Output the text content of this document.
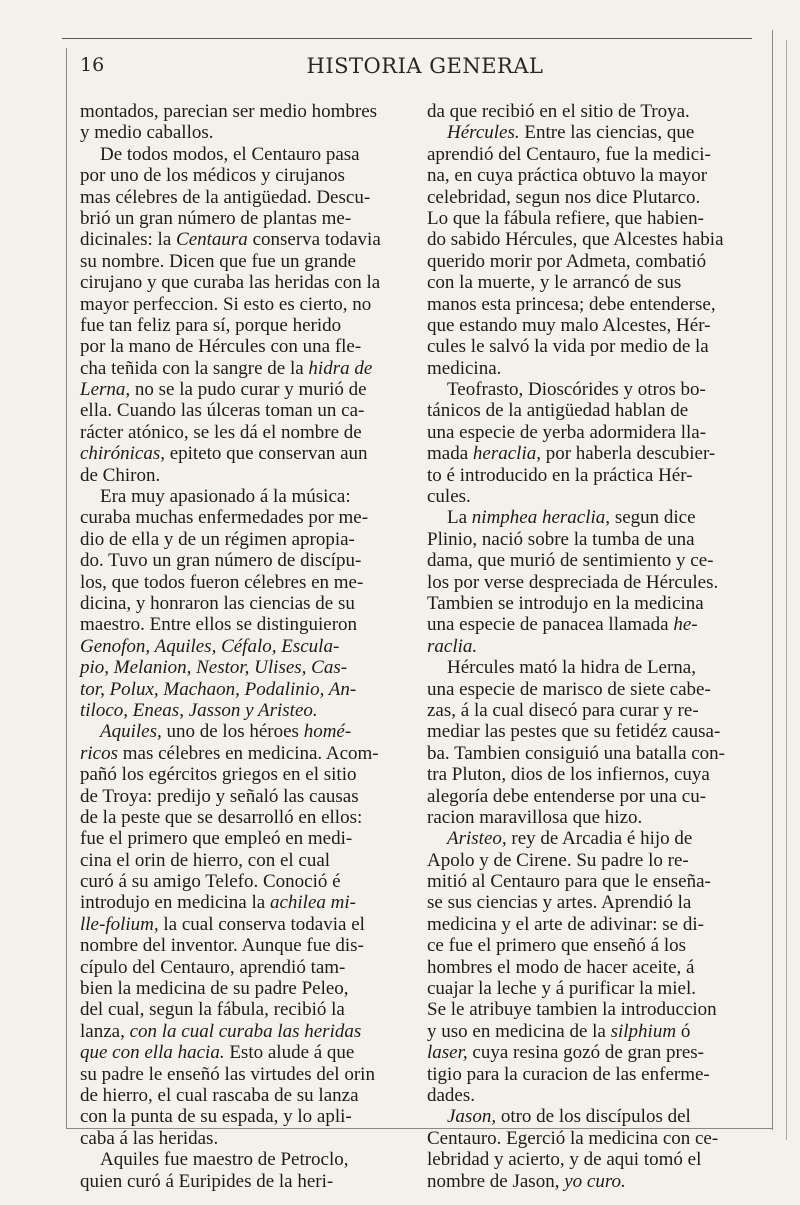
16	HISTORIA GENERAL
montados, parecian ser medio hombres
y medio caballos.
De todos modos, el Centauro pasa
por uno de los médicos y cirujanos
mas célebres de la antigüedad. Descu-
brió un gran número de plantas me-
dicinales: la Centaura conserva todavia
su nombre. Dicen que fue un grande
cirujano y que curaba las heridas con la
mayor perfeccion. Si esto es cierto, no
fue tan feliz para sí, porque herido
por la mano de Hércules con una fle-
cha teñida con la sangre de la hidra de
Lerna, no se la pudo curar y murió de
ella. Cuando las úlceras toman un ca-
rácter atónico, se les dá el nombre de
chirónicas, epiteto que conservan aun
de Chiron.
Era muy apasionado á la música:
curaba muchas enfermedades por me-
dio de ella y de un régimen apropia-
do. Tuvo un gran número de discípu-
los, que todos fueron célebres en me-
dicina, y honraron las ciencias de su
maestro. Entre ellos se distinguieron
Genofon, Aquiles, Céfalo, Escula-
pio, Melanion, Nestor, Ulises, Cas-
tor, Polux, Machaon, Podalinio, An-
tiloco, Eneas, Jasson y Aristeo.
Aquiles, uno de los héroes homé-
ricos mas célebres en medicina. Acom-
pañó los egércitos griegos en el sitio
de Troya: predijo y señaló las causas
de la peste que se desarrolló en ellos:
fue el primero que empleó en medi-
cina el orin de hierro, con el cual
curó á su amigo Telefo. Conoció é
introdujo en medicina la achilea mi-
lle-folium, la cual conserva todavia el
nombre del inventor. Aunque fue dis-
cípulo del Centauro, aprendió tam-
bien la medicina de su padre Peleo,
del cual, segun la fábula, recibió la
lanza, con la cual curaba las heridas
que con ella hacia. Esto alude á que
su padre le enseñó las virtudes del orin
de hierro, el cual rascaba de su lanza
con la punta de su espada, y lo apli-
caba á las heridas.
Aquiles fue maestro de Petroclo,
quien curó á Euripides de la heri-
da que recibió en el sitio de Troya.
Hércules. Entre las ciencias, que
aprendió del Centauro, fue la medici-
na, en cuya práctica obtuvo la mayor
celebridad, segun nos dice Plutarco.
Lo que la fábula refiere, que habien-
do sabido Hércules, que Alcestes habia
querido morir por Admeta, combatió
con la muerte, y le arrancó de sus
manos esta princesa; debe entenderse,
que estando muy malo Alcestes, Hér-
cules le salvó la vida por medio de la
medicina.
Teofrasto, Dioscórides y otros bo-
tánicos de la antigüedad hablan de
una especie de yerba adormidera lla-
mada heraclia, por haberla descubier-
to é introducido en la práctica Hér-
cules.
La nimphea heraclia, segun dice
Plinio, nació sobre la tumba de una
dama, que murió de sentimiento y ce-
los por verse despreciada de Hércules.
Tambien se introdujo en la medicina
una especie de panacea llamada he-
raclia.
Hércules mató la hidra de Lerna,
una especie de marisco de siete cabe-
zas, á la cual disecó para curar y re-
mediar las pestes que su fetidéz causa-
ba. Tambien consiguió una batalla con-
tra Pluton, dios de los infiernos, cuya
alegoría debe entenderse por una cu-
racion maravillosa que hizo.
Aristeo, rey de Arcadia é hijo de
Apolo y de Cirene. Su padre lo re-
mitió al Centauro para que le enseña-
se sus ciencias y artes. Aprendió la
medicina y el arte de adivinar: se di-
ce fue el primero que enseñó á los
hombres el modo de hacer aceite, á
cuajar la leche y á purificar la miel.
Se le atribuye tambien la introduccion
y uso en medicina de la silphium ó
laser, cuya resina gozó de gran pres-
tigio para la curacion de las enferme-
dades.
Jason, otro de los discípulos del
Centauro. Egerció la medicina con ce-
lebridad y acierto, y de aqui tomó el
nombre de Jason, yo curo.
